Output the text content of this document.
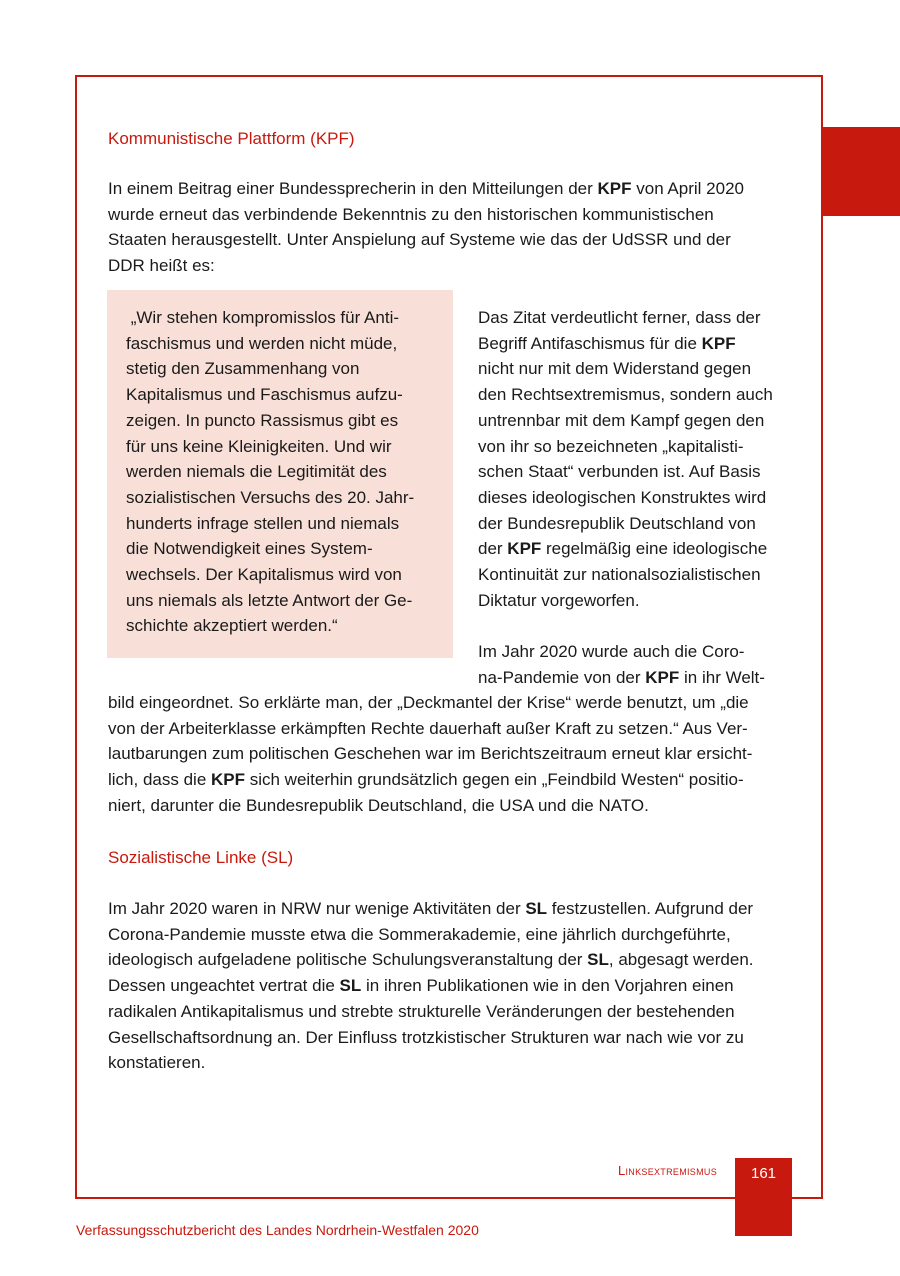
Kommunistische Plattform (KPF)
In einem Beitrag einer Bundessprecherin in den Mitteilungen der KPF von April 2020
wurde erneut das verbindende Bekenntnis zu den historischen kommunistischen
Staaten herausgestellt. Unter Anspielung auf Systeme wie das der UdSSR und der
DDR heißt es:
„Wir stehen kompromisslos für Anti-
faschismus und werden nicht müde,
stetig den Zusammenhang von
Kapitalismus und Faschismus aufzu-
zeigen. In puncto Rassismus gibt es
für uns keine Kleinigkeiten. Und wir
werden niemals die Legitimität des
sozialistischen Versuchs des 20. Jahr-
hunderts infrage stellen und niemals
die Notwendigkeit eines System-
wechsels. Der Kapitalismus wird von
uns niemals als letzte Antwort der Ge-
schichte akzeptiert werden.“
Das Zitat verdeutlicht ferner, dass der
Begriff Antifaschismus für die KPF
nicht nur mit dem Widerstand gegen
den Rechtsextremismus, sondern auch
untrennbar mit dem Kampf gegen den
von ihr so bezeichneten „kapitalisti-
schen Staat“ verbunden ist. Auf Basis
dieses ideologischen Konstruktes wird
der Bundesrepublik Deutschland von
der KPF regelmäßig eine ideologische
Kontinuität zur nationalsozialistischen
Diktatur vorgeworfen.

Im Jahr 2020 wurde auch die Coro-
na-Pandemie von der KPF in ihr Welt-
bild eingeordnet. So erklärte man, der „Deckmantel der Krise“ werde benutzt, um „die
von der Arbeiterklasse erkämpften Rechte dauerhaft außer Kraft zu setzen.“ Aus Ver-
lautbarungen zum politischen Geschehen war im Berichtszeitraum erneut klar ersicht-
lich, dass die KPF sich weiterhin grundsätzlich gegen ein „Feindbild Westen“ positio-
niert, darunter die Bundesrepublik Deutschland, die USA und die NATO.
Sozialistische Linke (SL)
Im Jahr 2020 waren in NRW nur wenige Aktivitäten der SL festzustellen. Aufgrund der
Corona-Pandemie musste etwa die Sommerakademie, eine jährlich durchgeführte,
ideologisch aufgeladene politische Schulungsveranstaltung der SL, abgesagt werden.
Dessen ungeachtet vertrat die SL in ihren Publikationen wie in den Vorjahren einen
radikalen Antikapitalismus und strebte strukturelle Veränderungen der bestehenden
Gesellschaftsordnung an. Der Einfluss trotzkistischer Strukturen war nach wie vor zu
konstatieren.
Linksextremismus	161
Verfassungsschutzbericht des Landes Nordrhein-Westfalen 2020
